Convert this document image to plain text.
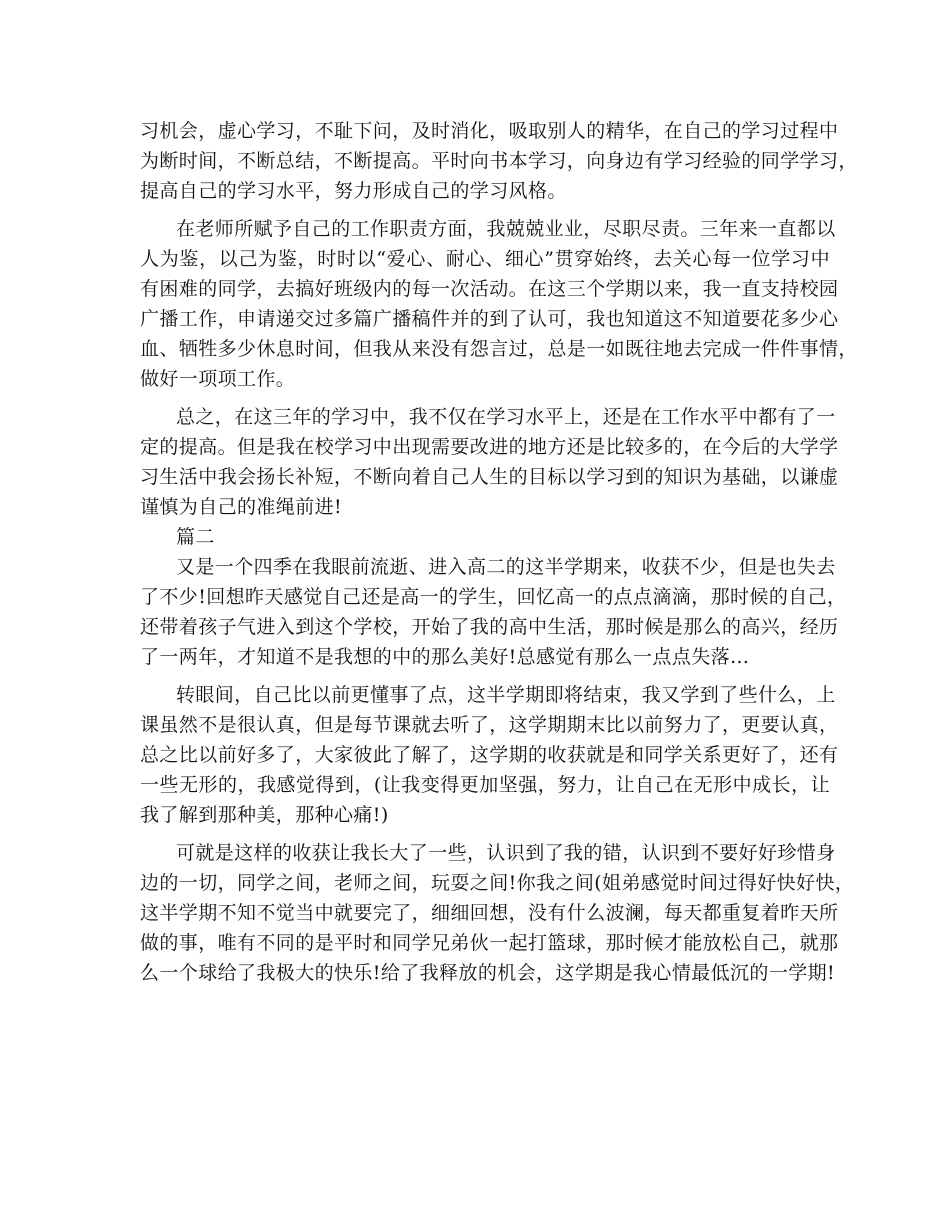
习机会，虚心学习，不耻下问，及时消化，吸取别人的精华，在自己的学习过程中
为断时间，不断总结，不断提高。平时向书本学习，向身边有学习经验的同学学习，
提高自己的学习水平，努力形成自己的学习风格。
在老师所赋予自己的工作职责方面，我兢兢业业，尽职尽责。三年来一直都以
人为鉴，以己为鉴，时时以“爱心、耐心、细心”贯穿始终，去关心每一位学习中
有困难的同学，去搞好班级内的每一次活动。在这三个学期以来，我一直支持校园
广播工作，申请递交过多篇广播稿件并的到了认可，我也知道这不知道要花多少心
血、牺牲多少休息时间，但我从来没有怨言过，总是一如既往地去完成一件件事情，
做好一项项工作。
总之，在这三年的学习中，我不仅在学习水平上，还是在工作水平中都有了一
定的提高。但是我在校学习中出现需要改进的地方还是比较多的，在今后的大学学
习生活中我会扬长补短，不断向着自己人生的目标以学习到的知识为基础，以谦虚
谨慎为自己的准绳前进!
篇二
又是一个四季在我眼前流逝、进入高二的这半学期来，收获不少，但是也失去
了不少!回想昨天感觉自己还是高一的学生，回忆高一的点点滴滴，那时候的自己，
还带着孩子气进入到这个学校，开始了我的高中生活，那时候是那么的高兴，经历
了一两年，才知道不是我想的中的那么美好!总感觉有那么一点点失落…
转眼间，自己比以前更懂事了点，这半学期即将结束，我又学到了些什么，上
课虽然不是很认真，但是每节课就去听了，这学期期末比以前努力了，更要认真，
总之比以前好多了，大家彼此了解了，这学期的收获就是和同学关系更好了，还有
一些无形的，我感觉得到，(让我变得更加坚强，努力，让自己在无形中成长，让
我了解到那种美，那种心痛!)
可就是这样的收获让我长大了一些，认识到了我的错，认识到不要好好珍惜身
边的一切，同学之间，老师之间，玩耍之间!你我之间(姐弟感觉时间过得好快好快，
这半学期不知不觉当中就要完了，细细回想，没有什么波澜，每天都重复着昨天所
做的事，唯有不同的是平时和同学兄弟伙一起打篮球，那时候才能放松自己，就那
么一个球给了我极大的快乐!给了我释放的机会，这学期是我心情最低沉的一学期!
